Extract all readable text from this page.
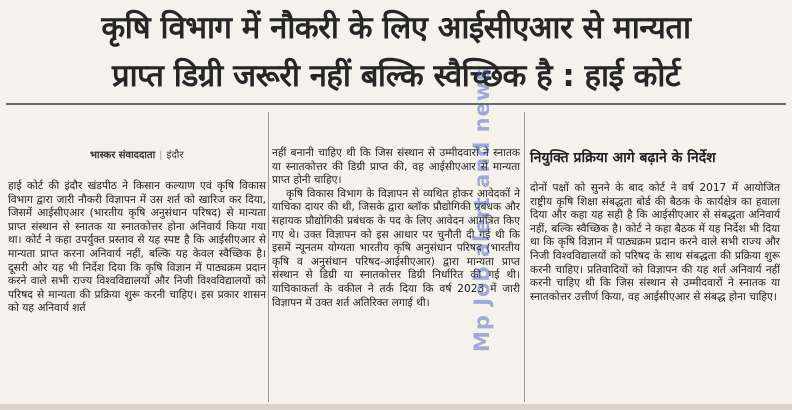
कृषि विभाग में नौकरी के लिए आईसीएआर से मान्यता
प्राप्त डिग्री जरूरी नहीं बल्कि स्वैच्छिक है : हाई कोर्ट
भास्कर संवाददाता | इंदौर

हाई कोर्ट की इंदौर खंडपीठ ने किसान कल्याण एवं कृषि विकास विभाग द्वारा जारी नौकरी विज्ञापन में उस शर्त को खारिज कर दिया, जिसमें आईसीएआर (भारतीय कृषि अनुसंधान परिषद) से मान्यता प्राप्त संस्थान से स्नातक या स्नातकोत्तर होना अनिवार्य किया गया था। कोर्ट ने कहा उपर्युक्त प्रस्ताव से यह स्पष्ट है कि आईसीएआर से मान्यता प्राप्त करना अनिवार्य नहीं, बल्कि यह केवल स्वैच्छिक है। दूसरी ओर यह भी निर्देश दिया कि कृषि विज्ञान में पाठ्यक्रम प्रदान करने वाले सभी राज्य विश्वविद्यालयों और निजी विश्वविद्यालयों को परिषद से मान्यता की प्रक्रिया शुरू करनी चाहिए। इस प्रकार शासन को यह अनिवार्य शर्त

नहीं बनानी चाहिए थी कि जिस संस्थान से उम्मीदवारों ने स्नातक या स्नातकोत्तर की डिग्री प्राप्त की, वह आईसीएआर से मान्यता प्राप्त होनी चाहिए।

कृषि विकास विभाग के विज्ञापन से व्यथित होकर आवेदकों ने याचिका दायर की थी, जिसके द्वारा ब्लॉक प्रौद्योगिकी प्रबंधक और सहायक प्रौद्योगिकी प्रबंधक के पद के लिए आवेदन आमंत्रित किए गए थे। उक्त विज्ञापन को इस आधार पर चुनौती दी गई थी कि इसमें न्यूनतम योग्यता भारतीय कृषि अनुसंधान परिषद (भारतीय कृषि व अनुसंधान परिषद-आईसीएआर) द्वारा मान्यता प्राप्त संस्थान से डिग्री या स्नातकोत्तर डिग्री निर्धारित की गई थी। याचिकाकर्ता के वकील ने तर्क दिया कि वर्ष 2023 में जारी विज्ञापन में उक्त शर्त अतिरिक्त लगाई थी।

नियुक्ति प्रक्रिया आगे बढ़ाने के निर्देश

दोनों पक्षों को सुनने के बाद कोर्ट ने वर्ष 2017 में आयोजित राष्ट्रीय कृषि शिक्षा संबद्धता बोर्ड की बैठक के कार्यक्षेत्र का हवाला दिया और कहा यह सही है कि आईसीएआर से संबद्धता अनिवार्य नहीं, बल्कि स्वैच्छिक है। कोर्ट ने कहा बैठक में यह निर्देश भी दिया था कि कृषि विज्ञान में पाठ्यक्रम प्रदान करने वाले सभी राज्य और निजी विश्वविद्यालयों को परिषद के साथ संबद्धता की प्रक्रिया शुरू करनी चाहिए। प्रतिवादियों को विज्ञापन की यह शर्त अनिवार्य नहीं करनी चाहिए थी कि जिस संस्थान से उम्मीदवारों ने स्नातक या स्नातकोत्तर उत्तीर्ण किया, वह आईसीएआर से संबद्ध होना चाहिए।

Mp Job alert and news
